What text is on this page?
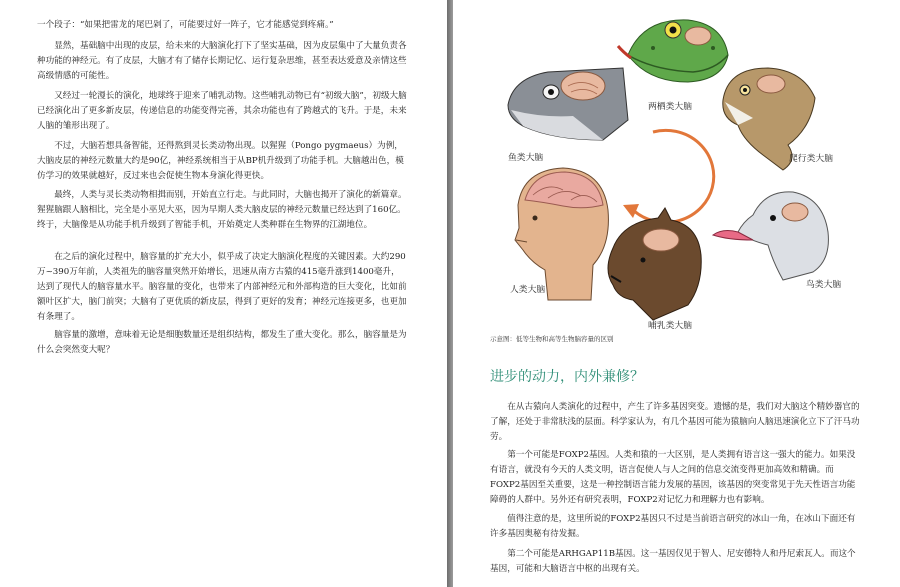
一个段子：“如果把雷龙的尾巴剁了，可能要过好一阵子，它才能感觉到疼痛。”

显然，基础脑中出现的皮层，给未来的大脑演化打下了坚实基础，因为皮层集中了大量负责各种功能的神经元。有了皮层，大脑才有了储存长期记忆、运行复杂思维，甚至表达爱意及亲情这些高级情感的可能性。

又经过一轮漫长的演化，地球终于迎来了哺乳动物。这些哺乳动物已有“初级大脑”，初级大脑已经演化出了更多新皮层，传递信息的功能变得完善，其余功能也有了跨越式的飞升。于是，未来人脑的雏形出现了。

不过，大脑若想具备智能，还得熬到灵长类动物出现。以猩猩（Pongo pygmaeus）为例，大脑皮层的神经元数量大约是90亿，神经系统相当于从BP机升级到了功能手机。大脑越出色，模仿学习的效果就越好，反过来也会促使生物本身演化得更快。

最终，人类与灵长类动物相揖而别，开始直立行走。与此同时，大脑也揭开了演化的新篇章。猩猩脑跟人脑相比，完全是小巫见大巫，因为早期人类大脑皮层的神经元数量已经达到了160亿。终于，大脑像是从功能手机升级到了智能手机，开始奠定人类种群在生物界的江湖地位。

在之后的演化过程中，脑容量的扩充大小，似乎成了决定大脑演化程度的关键因素。大约290万~390万年前，人类祖先的脑容量突然开始增长，迅速从南方古猿的415毫升涨到1400毫升，达到了现代人的脑容量水平。脑容量的变化，也带来了内部神经元和外部构造的巨大变化，比如前额叶区扩大，脑门前突；大脑有了更优质的新皮层，得到了更好的发育；神经元连接更多，也更加有条理了。

脑容量的激增，意味着无论是细胞数量还是组织结构，都发生了重大变化。那么，脑容量是为什么会突然变大呢？

两栖类大脑
鱼类大脑	爬行类大脑
人类大脑	鸟类大脑
哺乳类大脑
示意图：低等生物和高等生物脑容量的区别
进步的动力，内外兼修？

在从古猿向人类演化的过程中，产生了许多基因突变。遗憾的是，我们对大脑这个精妙器官的了解，还处于非常肤浅的层面。科学家认为，有几个基因可能为猿脑向人脑迅速演化立下了汗马功劳。

第一个可能是FOXP2基因。人类和猿的一大区别，是人类拥有语言这一强大的能力。如果没有语言，就没有今天的人类文明，语言促使人与人之间的信息交流变得更加高效和精确。而FOXP2基因至关重要，这是一种控制语言能力发展的基因，该基因的突变常见于先天性语言功能障碍的人群中。另外还有研究表明，FOXP2对记忆力和理解力也有影响。

值得注意的是，这里所说的FOXP2基因只不过是当前语言研究的冰山一角，在冰山下面还有许多基因奥秘有待发掘。

第二个可能是ARHGAP11B基因。这一基因仅见于智人、尼安德特人和丹尼索瓦人。而这个基因，可能和大脑语言中枢的出现有关。
